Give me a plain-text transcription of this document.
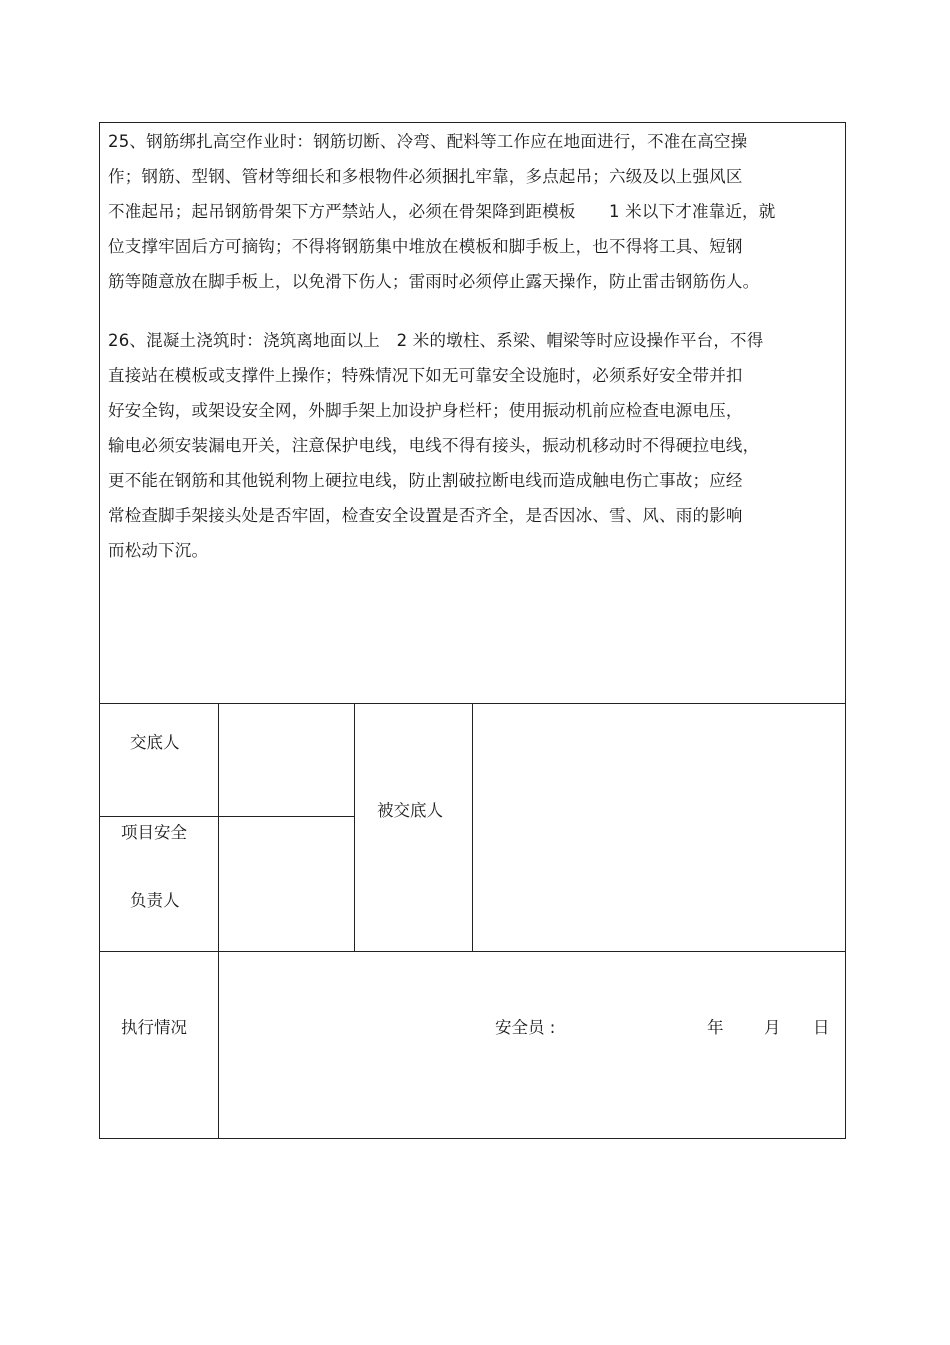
25、钢筋绑扎高空作业时：钢筋切断、冷弯、配料等工作应在地面进行，不准在高空操
作；钢筋、型钢、管材等细长和多根物件必须捆扎牢靠，多点起吊；六级及以上强风区
不准起吊；起吊钢筋骨架下方严禁站人，必须在骨架降到距模板　　1 米以下才准靠近，就
位支撑牢固后方可摘钩；不得将钢筋集中堆放在模板和脚手板上，也不得将工具、短钢
筋等随意放在脚手板上，以免滑下伤人；雷雨时必须停止露天操作，防止雷击钢筋伤人。
26、混凝土浇筑时：浇筑离地面以上　2 米的墩柱、系梁、帽梁等时应设操作平台，不得
直接站在模板或支撑件上操作；特殊情况下如无可靠安全设施时，必须系好安全带并扣
好安全钩，或架设安全网，外脚手架上加设护身栏杆；使用振动机前应检查电源电压，
输电必须安装漏电开关，注意保护电线，电线不得有接头，振动机移动时不得硬拉电线，
更不能在钢筋和其他锐利物上硬拉电线，防止割破拉断电线而造成触电伤亡事故；应经
常检查脚手架接头处是否牢固，检查安全设置是否齐全，是否因冰、雪、风、雨的影响
而松动下沉。
交底人
项目安全
负责人
被交底人
执行情况	安全员 :	年 月 日
